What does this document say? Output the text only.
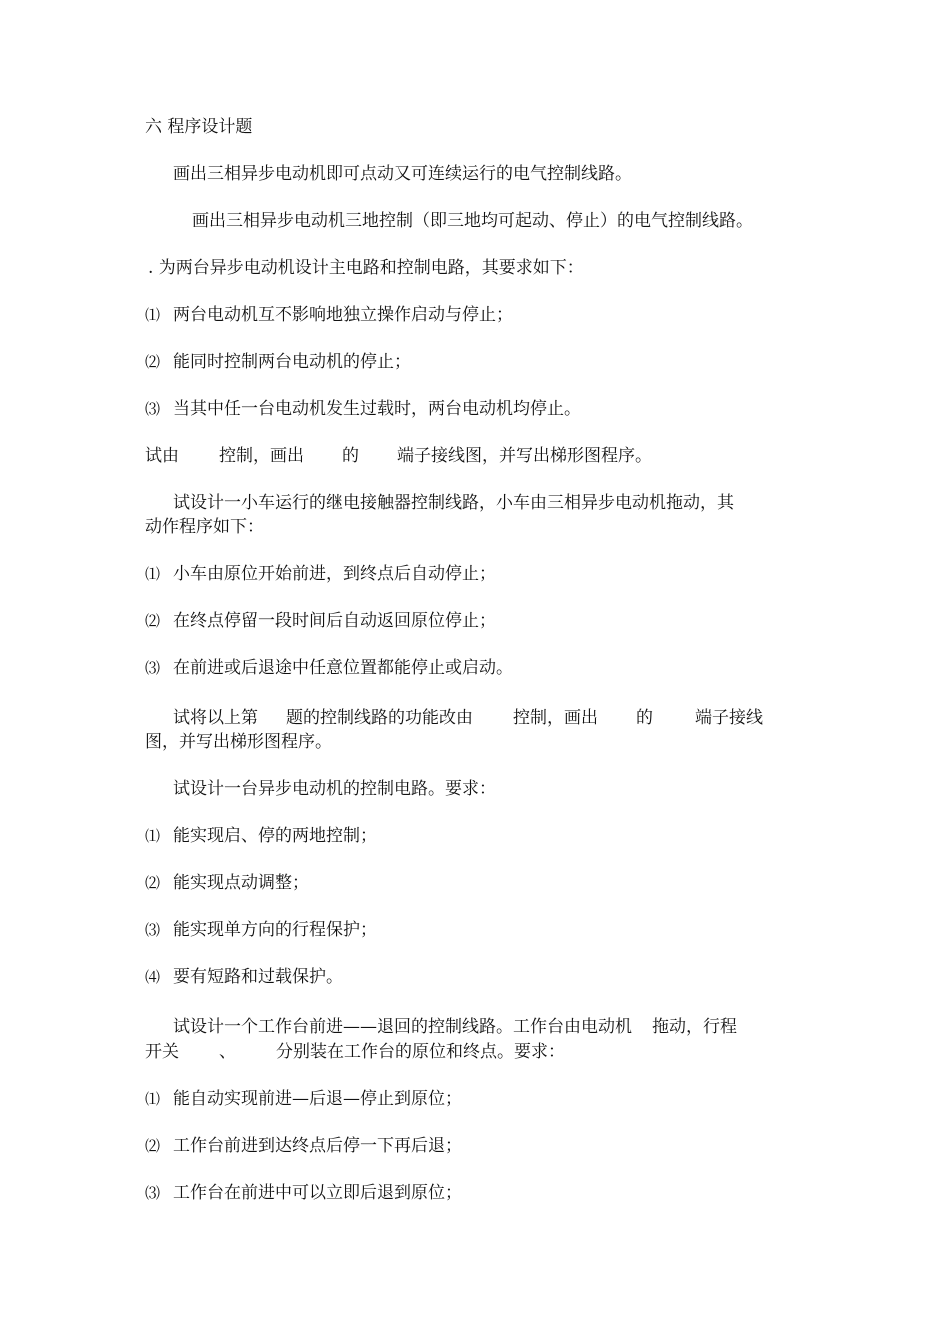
六 程序设计题
画出三相异步电动机即可点动又可连续运行的电气控制线路。
画出三相异步电动机三地控制（即三地均可起动、停止）的电气控制线路。
. 为两台异步电动机设计主电路和控制电路，其要求如下：
⑴ 两台电动机互不影响地独立操作启动与停止；
⑵ 能同时控制两台电动机的停止；
⑶ 当其中任一台电动机发生过载时，两台电动机均停止。
试由 控制，画出 的 端子接线图，并写出梯形图程序。
试设计一小车运行的继电接触器控制线路，小车由三相异步电动机拖动，其
动作程序如下：
⑴ 小车由原位开始前进，到终点后自动停止；
⑵ 在终点停留一段时间后自动返回原位停止；
⑶ 在前进或后退途中任意位置都能停止或启动。
试将以上第 题的控制线路的功能改由 控制，画出 的 端子接线
图，并写出梯形图程序。
试设计一台异步电动机的控制电路。要求：
⑴ 能实现启、停的两地控制；
⑵ 能实现点动调整；
⑶ 能实现单方向的行程保护；
⑷ 要有短路和过载保护。
试设计一个工作台前进——退回的控制线路。工作台由电动机 拖动，行程
开关 、 分别装在工作台的原位和终点。要求：
⑴ 能自动实现前进—后退—停止到原位；
⑵ 工作台前进到达终点后停一下再后退；
⑶ 工作台在前进中可以立即后退到原位；
